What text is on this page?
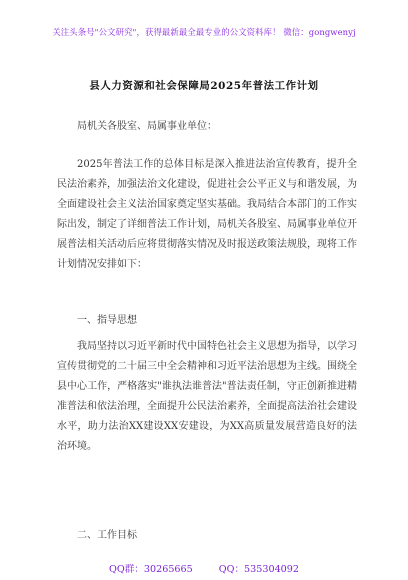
关注头条号"公文研究"，获得最新最全最专业的公文资料库！ 微信：gongwenyj
县人力资源和社会保障局2025年普法工作计划

局机关各股室、局属事业单位：

2025年普法工作的总体目标是深入推进法治宣传教育，提升全民法治素养，加强法治文化建设，促进社会公平正义与和谐发展，为全面建设社会主义法治国家奠定坚实基础。我局结合本部门的工作实际出发，制定了详细普法工作计划，局机关各股室、局属事业单位开展普法相关活动后应将贯彻落实情况及时报送政策法规股，现将工作计划情况安排如下：

一、指导思想

我局坚持以习近平新时代中国特色社会主义思想为指导，以学习宣传贯彻党的二十届三中全会精神和习近平法治思想为主线。围绕全县中心工作，严格落实"谁执法谁普法"普法责任制，守正创新推进精准普法和依法治理，全面提升公民法治素养，全面提高法治社会建设水平，助力法治XX建设XX安建设，为XX高质量发展营造良好的法治环境。

二、工作目标

QQ群：30265665	QQ：535304092
